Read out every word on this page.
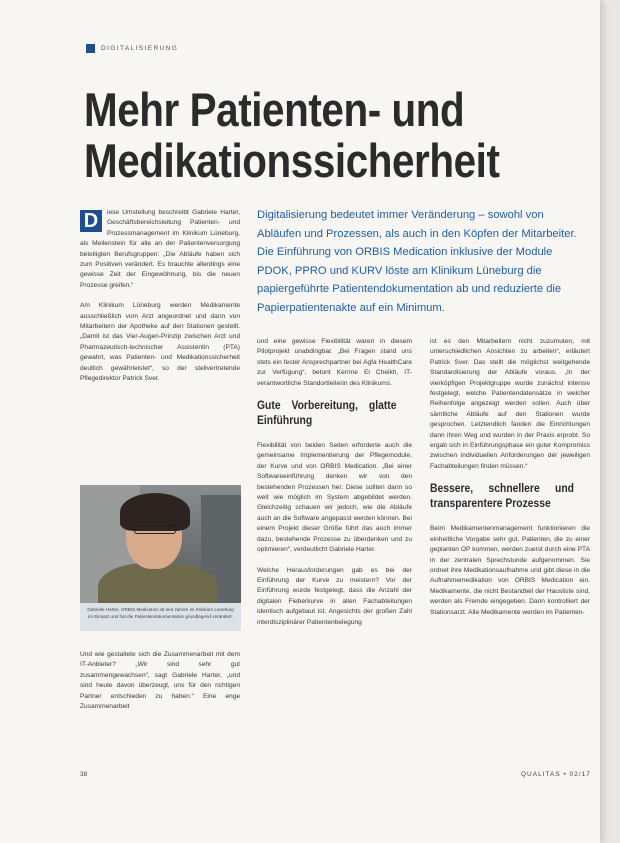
DIGITALISIERUNG
Mehr Patienten- und
Medikationssicherheit

D	iese Umstellung beschreibt Gabriele Harter, Geschäftsbereichsleitung Patienten- und Prozessmanagement im Klinikum Lüneburg, als Meilenstein für alle an der Patientenversorgung beteiligten Berufsgruppen: „Die Abläufe haben sich zum Positiven verändert. Es brauchte allerdings eine gewisse Zeit der Eingewöhnung, bis die neuen Prozesse greifen.“

Am Klinikum Lüneburg werden Medikamente ausschließlich vom Arzt angeordnet und dann von Mitarbeitern der Apotheke auf den Stationen gestellt. „Damit ist das Vier-Augen-Prinzip zwischen Arzt und Pharmazeutisch-technischer Assistentin (PTA) gewahrt, was Patienten- und Medikationssicherheit deutlich gewährleistet“, so der stellvertretende Pflegedirektor Patrick Sver.

Gabriele Harter, ORBIS Medication ist seit Jahren im Klinikum Lüneburg im Einsatz und hat die Patientendokumentation grundlegend verändert.

Und wie gestaltete sich die Zusammenarbeit mit dem IT-Anbieter? „Wir sind sehr gut zusammengewachsen“, sagt Gabriele Harter, „und sind heute davon überzeugt, uns für den richtigen Partner entschieden zu haben.“ Eine enge Zusammenarbeit

Digitalisierung bedeutet immer Veränderung – sowohl von Abläufen und Prozessen, als auch in den Köpfen der Mitarbeiter. Die Einführung von ORBIS Medication inklusive der Module PDOK, PPRO und KURV löste am Klinikum Lüneburg die papiergeführte Patientendokumentation ab und reduzierte die Papierpatientenakte auf ein Minimum.

und eine gewisse Flexibilität waren in diesem Pilotprojekt unabdingbar. „Bei Fragen stand uns stets ein fester Ansprechpartner bei Agfa HealthCare zur Verfügung“, betont Kerrine El Cheikh, IT-verantwortliche Standortleiterin des Klinikums.

Gute Vorbereitung, glatte Einführung

Flexibilität von beiden Seiten erforderte auch die gemeinsame Implementierung der Pflegemodule, der Kurve und von ORBIS Medication. „Bei einer Softwareeinführung denken wir von den bestehenden Prozessen her. Diese sollten dann so weit wie möglich im System abgebildet werden. Gleichzeitig schauen wir jedoch, wie die Abläufe auch an die Software angepasst werden können. Bei einem Projekt dieser Größe führt das auch immer dazu, bestehende Prozesse zu überdenken und zu optimieren“, verdeutlicht Gabriele Harter.

Welche Herausforderungen gab es bei der Einführung der Kurve zu meistern? Vor der Einführung wurde festgelegt, dass die Anzahl der digitalen Fieberkurve in allen Fachabteilungen identisch aufgebaut ist. Angesichts der großen Zahl interdisziplinärer Patientenbelegung

ist es den Mitarbeitern nicht zuzumuten, mit unterschiedlichen Ansichten zu arbeiten“, erläutert Patrick Sver. Das stellt die möglichst weitgehende Standardisierung der Abläufe voraus. „In der vierköpfigen Projektgruppe wurde zunächst intensiv festgelegt, welche Patientendatensätze in welcher Reihenfolge angezeigt werden sollen. Auch über sämtliche Abläufe auf den Stationen wurde gesprochen. Letztendlich fanden die Einrichtungen dann ihren Weg und wurden in der Praxis erprobt. So ergab sich in Einführungsphase ein guter Kompromiss zwischen individuellen Anforderungen der jeweiligen Fachabteilungen finden müssen.“

Bessere, schnellere und transparentere Prozesse

Beim Medikamentenmanagement funktionieren die einheitliche Vorgabe sehr gut. Patienten, die zu einer geplanten OP kommen, werden zuerst durch eine PTA in der zentralen Sprechstunde aufgenommen. Sie ordnet ihre Medikationsaufnahme und gibt diese in die Aufnahmemedikation von ORBIS Medication ein. Medikamente, die nicht Bestandteil der Hausliste sind, werden als Fremde eingegeben. Dann kontrolliert der Stationsarzt. Alle Medikamente werden im Patienten-

38	QUALITAS • 02/17
